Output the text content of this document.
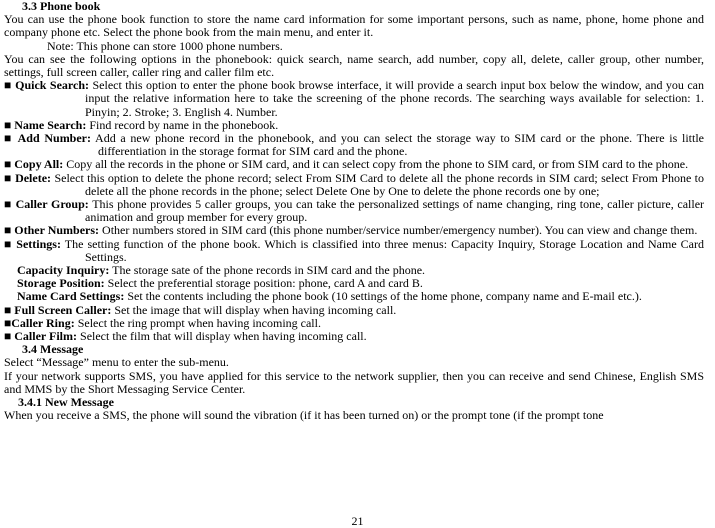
3.3 Phone book

You can use the phone book function to store the name card information for some important persons, such as name, phone, home phone and company phone etc. Select the phone book from the main menu, and enter it.

Note: This phone can store 1000 phone numbers.

You can see the following options in the phonebook: quick search, name search, add number, copy all, delete, caller group, other number, settings, full screen caller, caller ring and caller film etc.

■ Quick Search: Select this option to enter the phone book browse interface, it will provide a search input box below the window, and you can input the relative information here to take the screening of the phone records. The searching ways available for selection: 1. Pinyin; 2. Stroke; 3. English 4. Number.

■ Name Search: Find record by name in the phonebook.

■ Add Number: Add a new phone record in the phonebook, and you can select the storage way to SIM card or the phone. There is little differentiation in the storage format for SIM card and the phone.

■ Copy All: Copy all the records in the phone or SIM card, and it can select copy from the phone to SIM card, or from SIM card to the phone.

■ Delete: Select this option to delete the phone record; select From SIM Card to delete all the phone records in SIM card; select From Phone to delete all the phone records in the phone; select Delete One by One to delete the phone records one by one;

■ Caller Group: This phone provides 5 caller groups, you can take the personalized settings of name changing, ring tone, caller picture, caller animation and group member for every group.

■ Other Numbers: Other numbers stored in SIM card (this phone number/service number/emergency number). You can view and change them.

■ Settings: The setting function of the phone book. Which is classified into three menus: Capacity Inquiry, Storage Location and Name Card Settings.

Capacity Inquiry: The storage sate of the phone records in SIM card and the phone.

Storage Position: Select the preferential storage position: phone, card A and card B.

Name Card Settings: Set the contents including the phone book (10 settings of the home phone, company name and E-mail etc.).

■ Full Screen Caller: Set the image that will display when having incoming call.

■Caller Ring: Select the ring prompt when having incoming call.

■ Caller Film: Select the film that will display when having incoming call.

3.4 Message

Select “Message” menu to enter the sub-menu.

If your network supports SMS, you have applied for this service to the network supplier, then you can receive and send Chinese, English SMS and MMS by the Short Messaging Service Center.

3.4.1 New Message

When you receive a SMS, the phone will sound the vibration (if it has been turned on) or the prompt tone (if the prompt tone

21
